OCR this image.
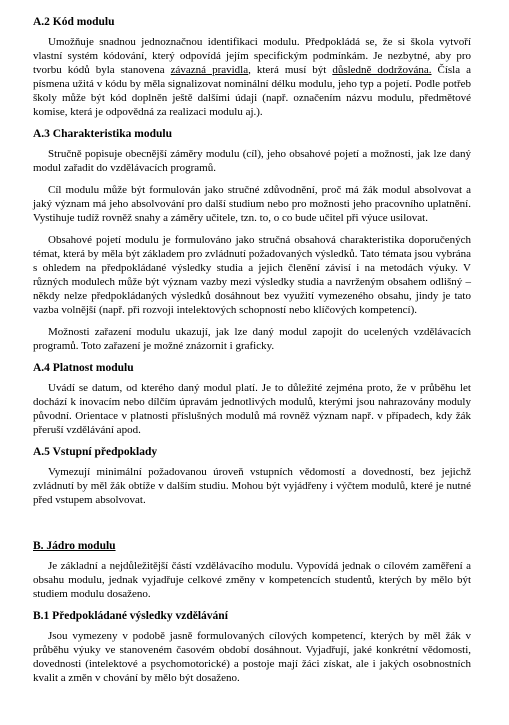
A.2 Kód modulu

Umožňuje snadnou jednoznačnou identifikaci modulu. Předpokládá se, že si škola vytvoří vlastní systém kódování, který odpovídá jejím specifickým podmínkám. Je nezbytné, aby pro tvorbu kódů byla stanovena závazná pravidla, která musí být důsledně dodržována. Čísla a písmena užitá v kódu by měla signalizovat nominální délku modulu, jeho typ a pojetí. Podle potřeb školy může být kód doplněn ještě dalšími údaji (např. označením názvu modulu, předmětové komise, která je odpovědná za realizaci modulu aj.).

A.3 Charakteristika modulu

Stručně popisuje obecnější záměry modulu (cíl), jeho obsahové pojetí a možnosti, jak lze daný modul zařadit do vzdělávacích programů.

Cíl modulu může být formulován jako stručné zdůvodnění, proč má žák modul absolvovat a jaký význam má jeho absolvování pro další studium nebo pro možnosti jeho pracovního uplatnění. Vystihuje tudíž rovněž snahy a záměry učitele, tzn. to, o co bude učitel při výuce usilovat.

Obsahové pojetí modulu je formulováno jako stručná obsahová charakteristika doporučených témat, která by měla být základem pro zvládnutí požadovaných výsledků. Tato témata jsou vybrána s ohledem na předpokládané výsledky studia a jejich členění závisí i na metodách výuky. V různých modulech může být význam vazby mezi výsledky studia a navrženým obsahem odlišný – někdy nelze předpokládaných výsledků dosáhnout bez využití vymezeného obsahu, jindy je tato vazba volnější (např. při rozvoji intelektových schopností nebo klíčových kompetencí).

Možnosti zařazení modulu ukazují, jak lze daný modul zapojit do ucelených vzdělávacích programů. Toto zařazení je možné znázornit i graficky.

A.4 Platnost modulu

Uvádí se datum, od kterého daný modul platí. Je to důležité zejména proto, že v průběhu let dochází k inovacím nebo dílčím úpravám jednotlivých modulů, kterými jsou nahrazovány moduly původní. Orientace v platnosti příslušných modulů má rovněž význam např. v případech, kdy žák přeruší vzdělávání apod.

A.5 Vstupní předpoklady

Vymezují minimální požadovanou úroveň vstupních vědomostí a dovedností, bez jejichž zvládnutí by měl žák obtíže v dalším studiu. Mohou být vyjádřeny i výčtem modulů, které je nutné před vstupem absolvovat.

B. Jádro modulu

Je základní a nejdůležitější částí vzdělávacího modulu. Vypovídá jednak o cílovém zaměření a obsahu modulu, jednak vyjadřuje celkové změny v kompetencích studentů, kterých by mělo být studiem modulu dosaženo.

B.1 Předpokládané výsledky vzdělávání

Jsou vymezeny v podobě jasně formulovaných cílových kompetencí, kterých by měl žák v průběhu výuky ve stanoveném časovém období dosáhnout. Vyjadřují, jaké konkrétní vědomosti, dovednosti (intelektové a psychomotorické) a postoje mají žáci získat, ale i jakých osobnostních kvalit a změn v chování by mělo být dosaženo.
